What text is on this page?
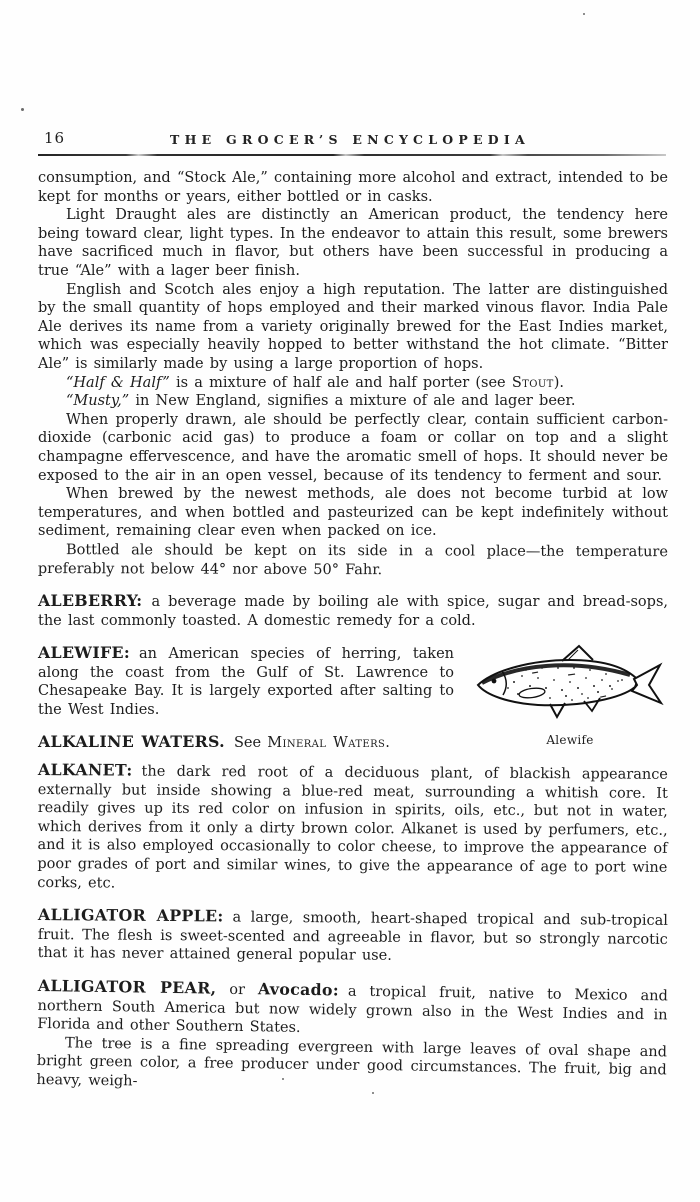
16	THE GROCER’S ENCYCLOPEDIA

consumption, and “Stock Ale,” containing more alcohol and extract, intended to be kept for months or years, either bottled or in casks.

Light Draught ales are distinctly an American product, the tendency here being toward clear, light types. In the endeavor to attain this result, some brewers have sacrificed much in flavor, but others have been successful in producing a true “Ale” with a lager beer finish.

English and Scotch ales enjoy a high reputation. The latter are distinguished by the small quantity of hops employed and their marked vinous flavor. India Pale Ale derives its name from a variety originally brewed for the East Indies market, which was especially heavily hopped to better withstand the hot climate. “Bitter Ale” is similarly made by using a large proportion of hops.

“Half & Half” is a mixture of half ale and half porter (see Stout).

“Musty,” in New England, signifies a mixture of ale and lager beer.

When properly drawn, ale should be perfectly clear, contain sufficient carbon-dioxide (carbonic acid gas) to produce a foam or collar on top and a slight champagne effervescence, and have the aromatic smell of hops. It should never be exposed to the air in an open vessel, because of its tendency to ferment and sour.

When brewed by the newest methods, ale does not become turbid at low temperatures, and when bottled and pasteurized can be kept indefinitely without sediment, remaining clear even when packed on ice.

Bottled ale should be kept on its side in a cool place—the temperature preferably not below 44° nor above 50° Fahr.

ALEBERRY: a beverage made by boiling ale with spice, sugar and bread-sops, the last commonly toasted. A domestic remedy for a cold.

Alewife

ALEWIFE: an American species of herring, taken along the coast from the Gulf of St. Lawrence to Chesapeake Bay. It is largely exported after salting to the West Indies.

ALKALINE WATERS. See Mineral Waters.

ALKANET: the dark red root of a deciduous plant, of blackish appearance externally but inside showing a blue-red meat, surrounding a whitish core. It readily gives up its red color on infusion in spirits, oils, etc., but not in water, which derives from it only a dirty brown color. Alkanet is used by perfumers, etc., and it is also employed occasionally to color cheese, to improve the appearance of poor grades of port and similar wines, to give the appearance of age to port wine corks, etc.

ALLIGATOR APPLE: a large, smooth, heart-shaped tropical and sub-tropical fruit. The flesh is sweet-scented and agreeable in flavor, but so strongly narcotic that it has never attained general popular use.

ALLIGATOR PEAR, or Avocado: a tropical fruit, native to Mexico and northern South America but now widely grown also in the West Indies and in Florida and other Southern States.

The tree is a fine spreading evergreen with large leaves of oval shape and bright green color, a free producer under good circumstances. The fruit, big and heavy, weigh-
